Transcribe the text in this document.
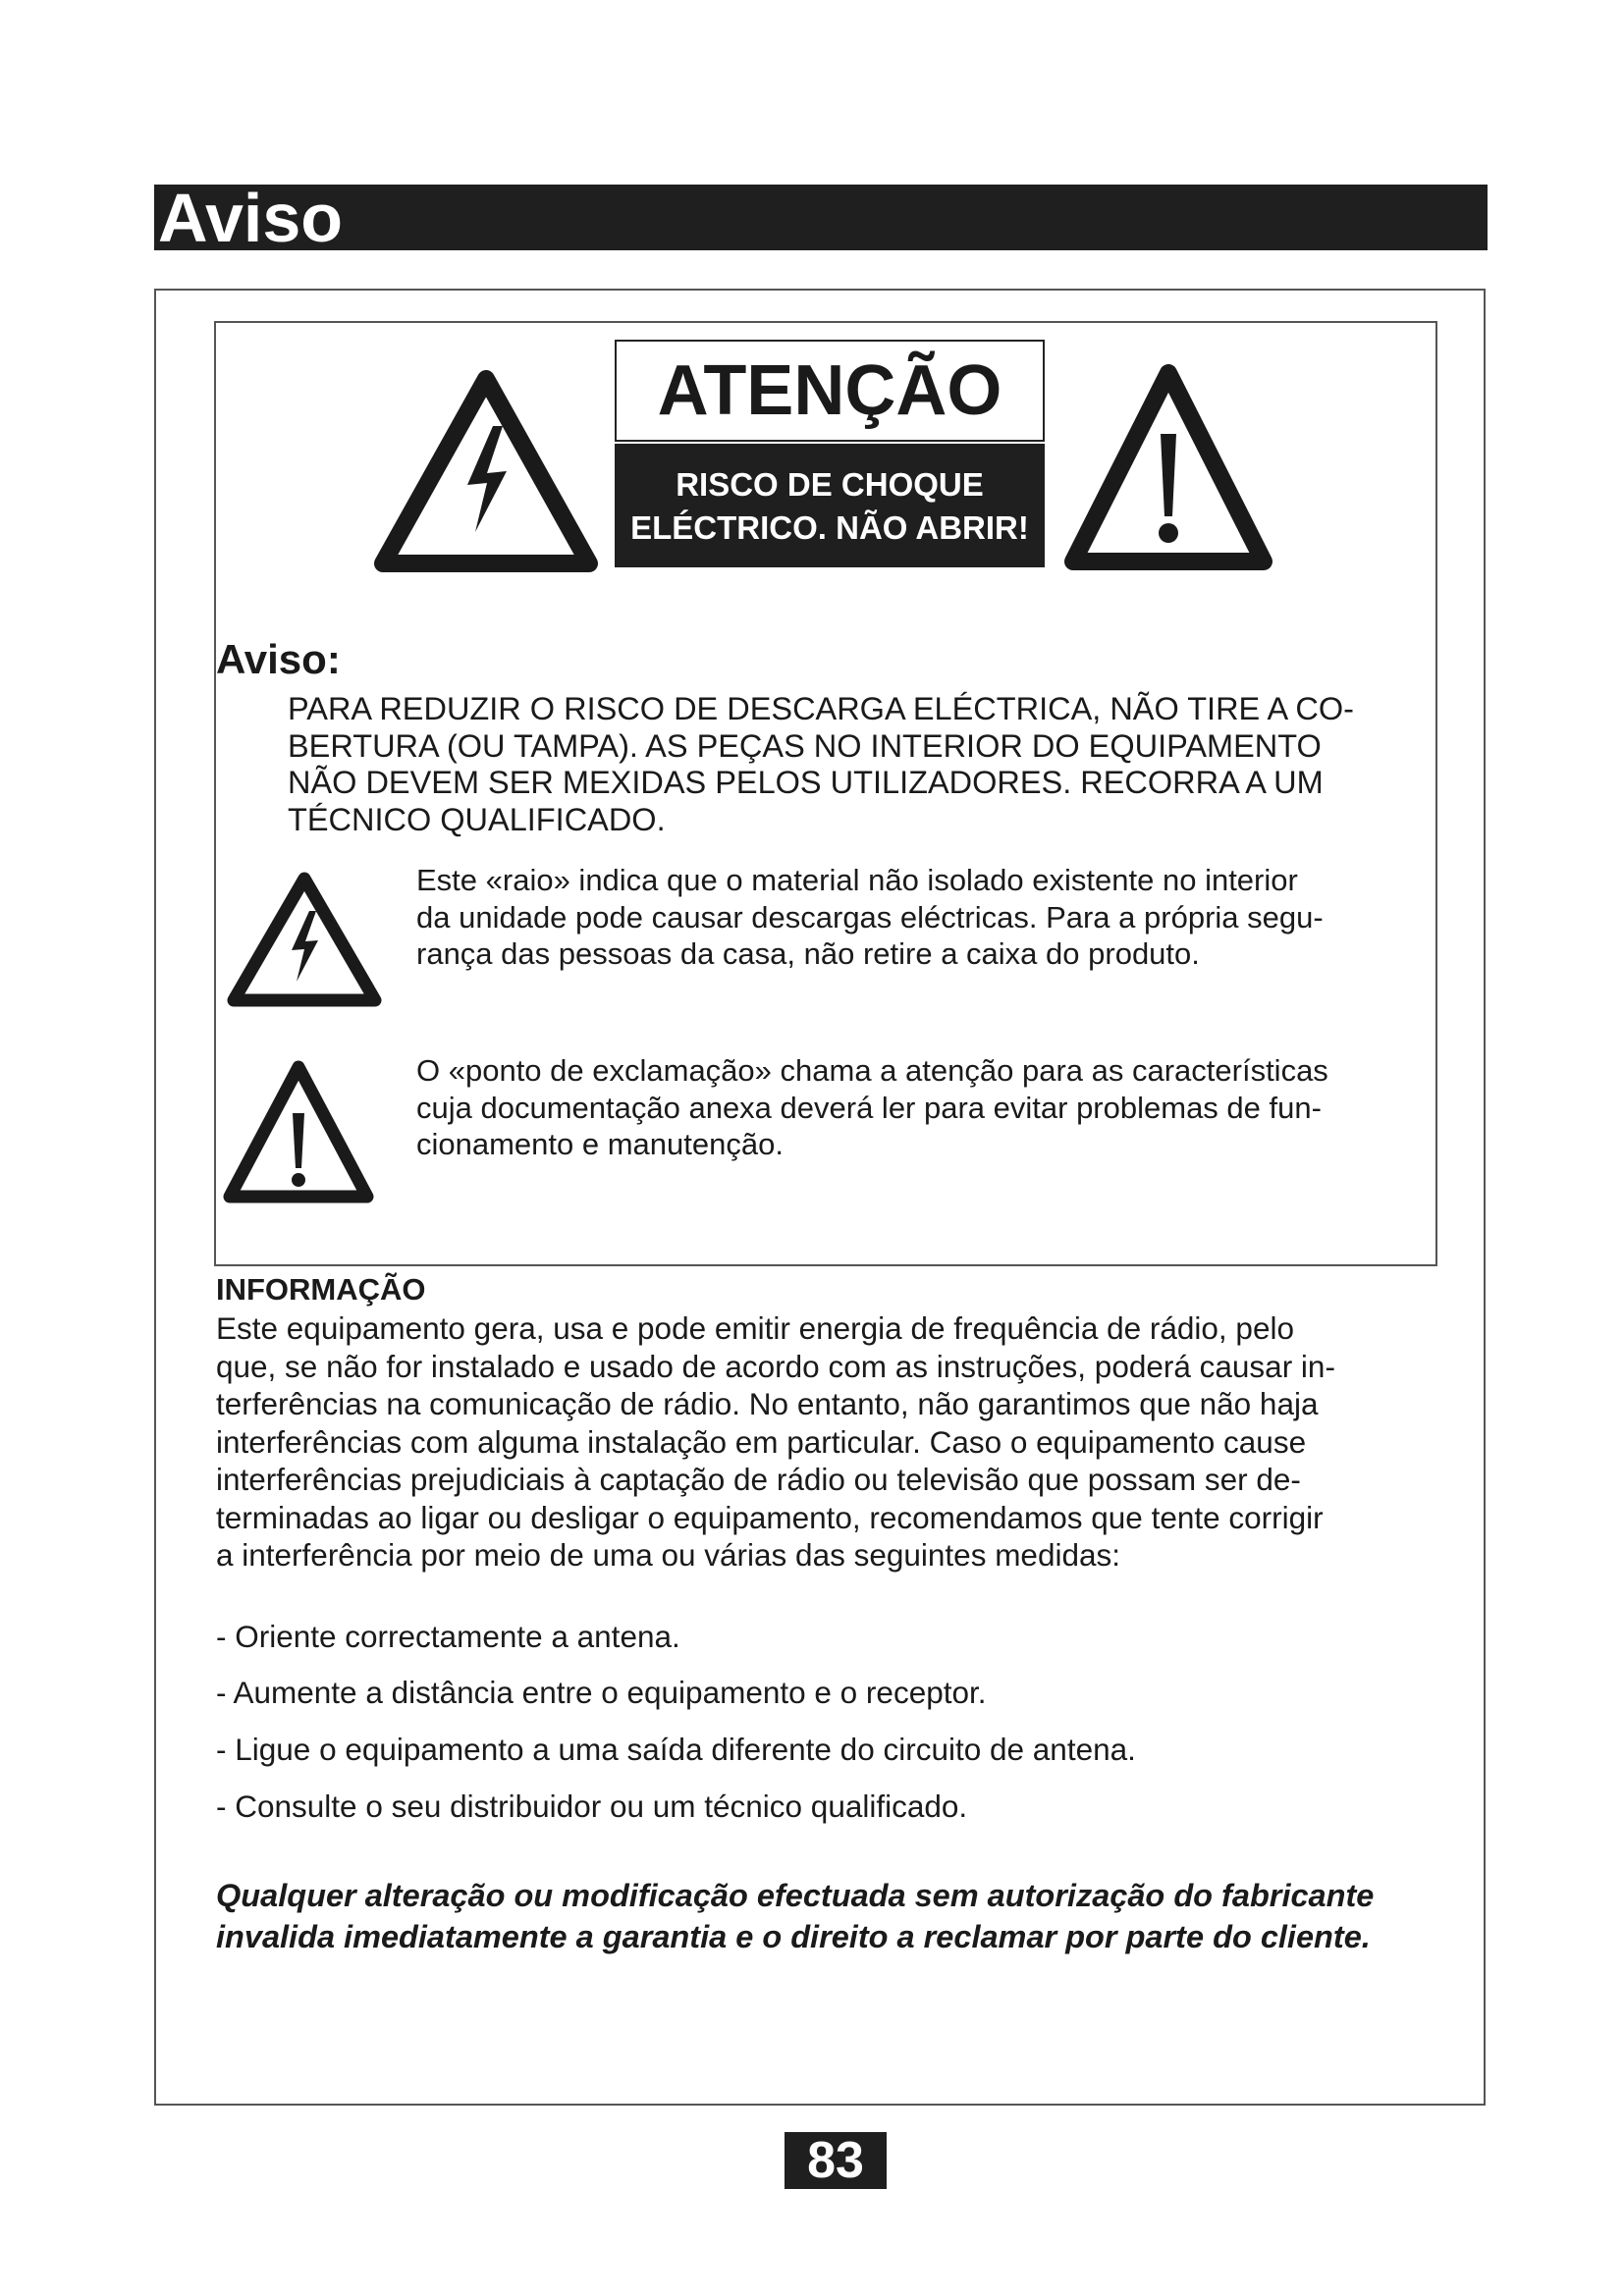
Aviso
ATENÇÃO
RISCO DE CHOQUE
ELÉCTRICO. NÃO ABRIR!
Aviso:
PARA REDUZIR O RISCO DE DESCARGA ELÉCTRICA, NÃO TIRE A CO-
BERTURA (OU TAMPA). AS PEÇAS NO INTERIOR DO EQUIPAMENTO
NÃO DEVEM SER MEXIDAS PELOS UTILIZADORES. RECORRA A UM
TÉCNICO QUALIFICADO.
Este «raio» indica que o material não isolado existente no interior
da unidade pode causar descargas eléctricas. Para a própria segu-
rança das pessoas da casa, não retire a caixa do produto.
O «ponto de exclamação» chama a atenção para as características
cuja documentação anexa deverá ler para evitar problemas de fun-
cionamento e manutenção.
INFORMAÇÃO
Este equipamento gera, usa e pode emitir energia de frequência de rádio, pelo
que, se não for instalado e usado de acordo com as instruções, poderá causar in-
terferências na comunicação de rádio. No entanto, não garantimos que não haja
interferências com alguma instalação em particular. Caso o equipamento cause
interferências prejudiciais à captação de rádio ou televisão que possam ser de-
terminadas ao ligar ou desligar o equipamento, recomendamos que tente corrigir
a interferência por meio de uma ou várias das seguintes medidas:
- Oriente correctamente a antena.
- Aumente a distância entre o equipamento e o receptor.
- Ligue o equipamento a uma saída diferente do circuito de antena.
- Consulte o seu distribuidor ou um técnico qualificado.
Qualquer alteração ou modificação efectuada sem autorização do fabricante
invalida imediatamente a garantia e o direito a reclamar por parte do cliente.
83
